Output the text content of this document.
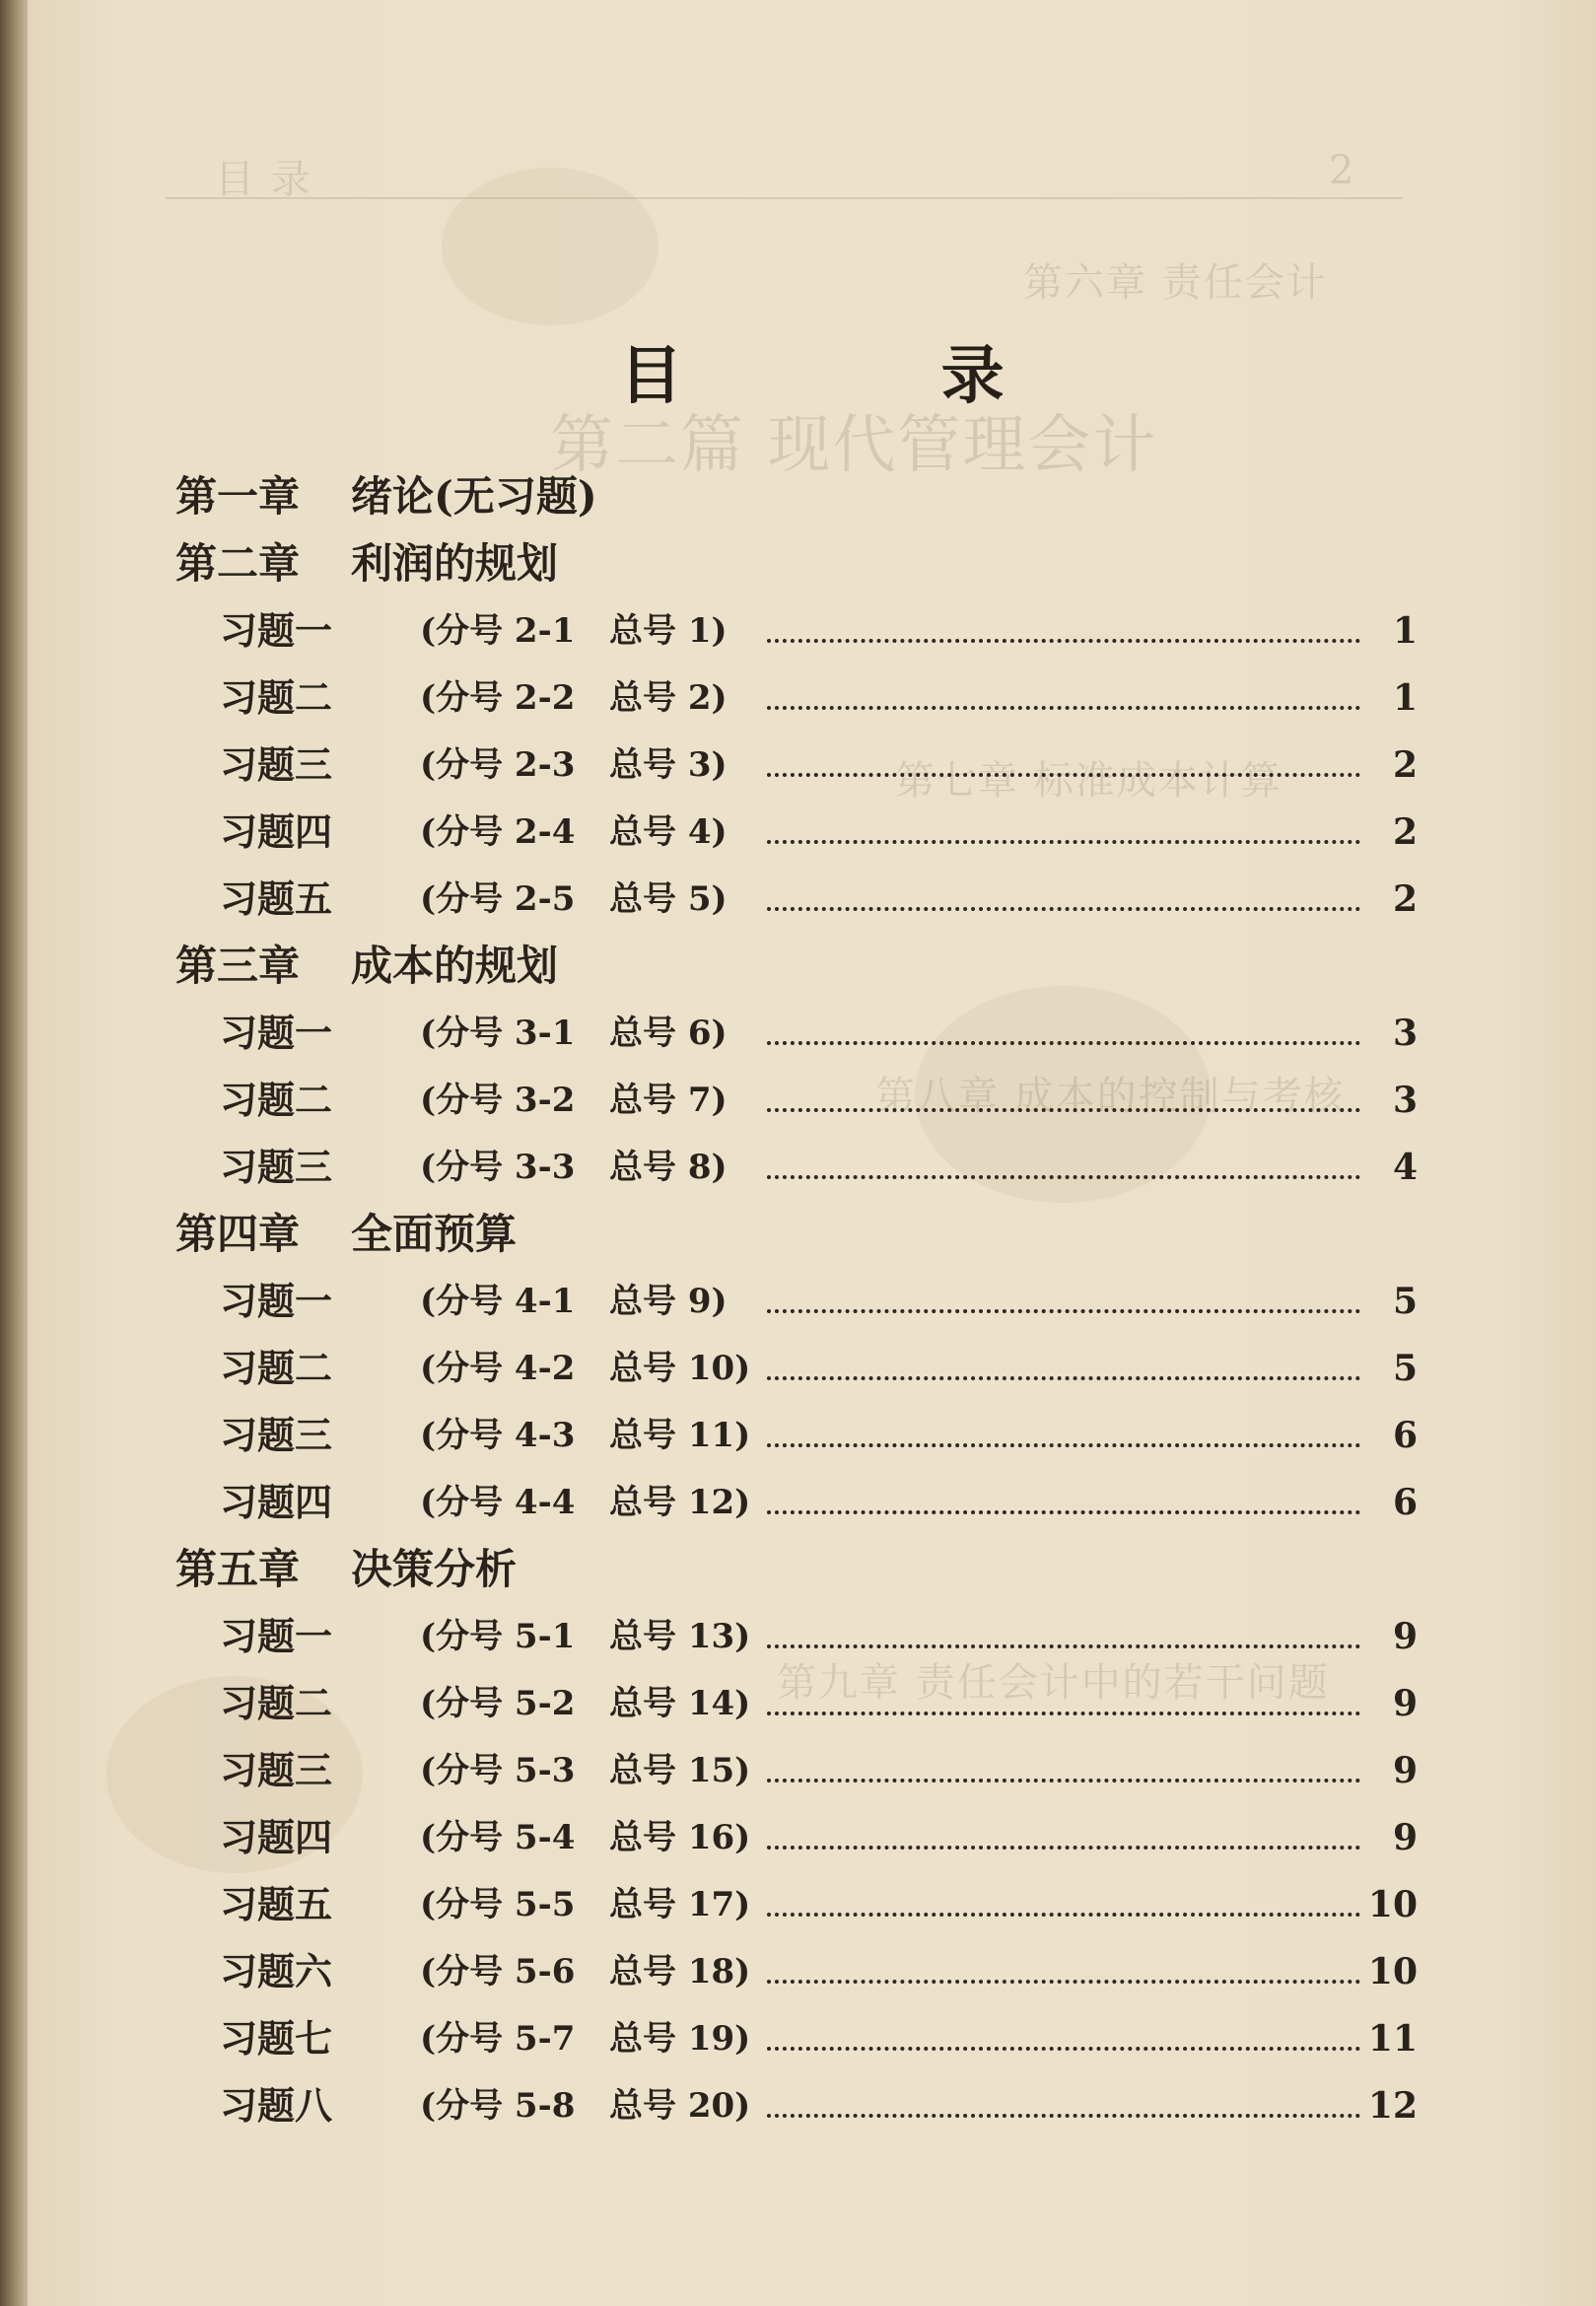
目 录	2
第六章 责任会计
第二篇 现代管理会计
第七章 标准成本计算
第八章 成本的控制与考核
第九章 责任会计中的若干问题
目 录
第一章 绪论(无习题)
第二章 利润的规划
习题一	(分号 2-1 总号 1)	1
习题二	(分号 2-2 总号 2)	1
习题三	(分号 2-3 总号 3)	2
习题四	(分号 2-4 总号 4)	2
习题五	(分号 2-5 总号 5)	2
第三章 成本的规划
习题一	(分号 3-1 总号 6)	3
习题二	(分号 3-2 总号 7)	3
习题三	(分号 3-3 总号 8)	4
第四章 全面预算
习题一	(分号 4-1 总号 9)	5
习题二	(分号 4-2 总号 10)	5
习题三	(分号 4-3 总号 11)	6
习题四	(分号 4-4 总号 12)	6
第五章 决策分析
习题一	(分号 5-1 总号 13)	9
习题二	(分号 5-2 总号 14)	9
习题三	(分号 5-3 总号 15)	9
习题四	(分号 5-4 总号 16)	9
习题五	(分号 5-5 总号 17)	10
习题六	(分号 5-6 总号 18)	10
习题七	(分号 5-7 总号 19)	11
习题八	(分号 5-8 总号 20)	12
